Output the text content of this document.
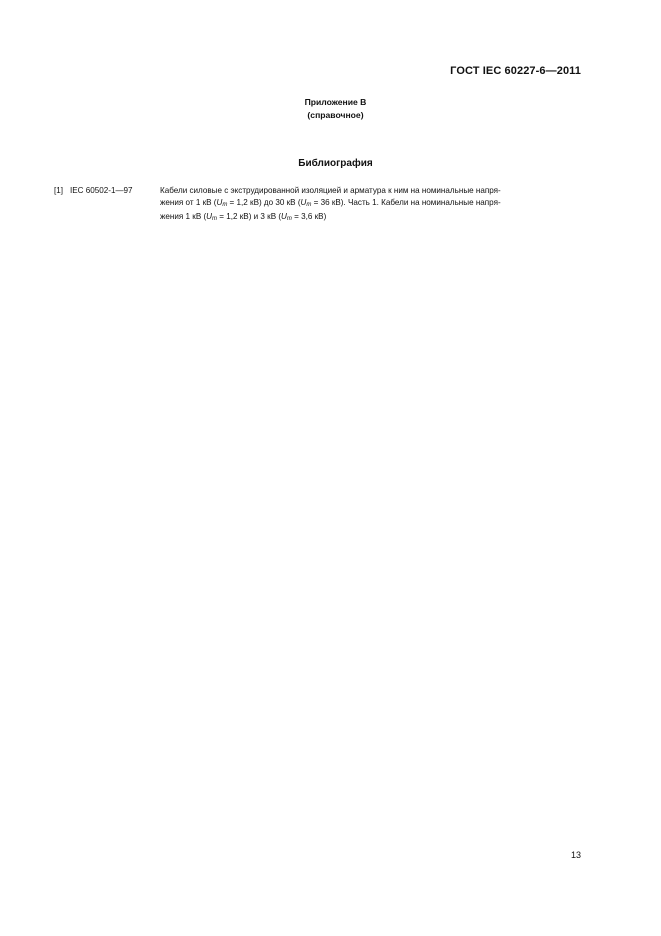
ГОСТ IEC 60227-6—2011
Приложение В
(справочное)
Библиография
[1] IEC 60502-1—97	Кабели силовые с экструдированной изоляцией и арматура к ним на номинальные напря-
жения от 1 кВ ($U_m = 1,2$ кВ) до 30 кВ ($U_m = 36$ кВ). Часть 1. Кабели на номинальные напря-
жения 1 кВ ($U_m = 1,2$ кВ) и 3 кВ ($U_m = 3,6$ кВ)
13
